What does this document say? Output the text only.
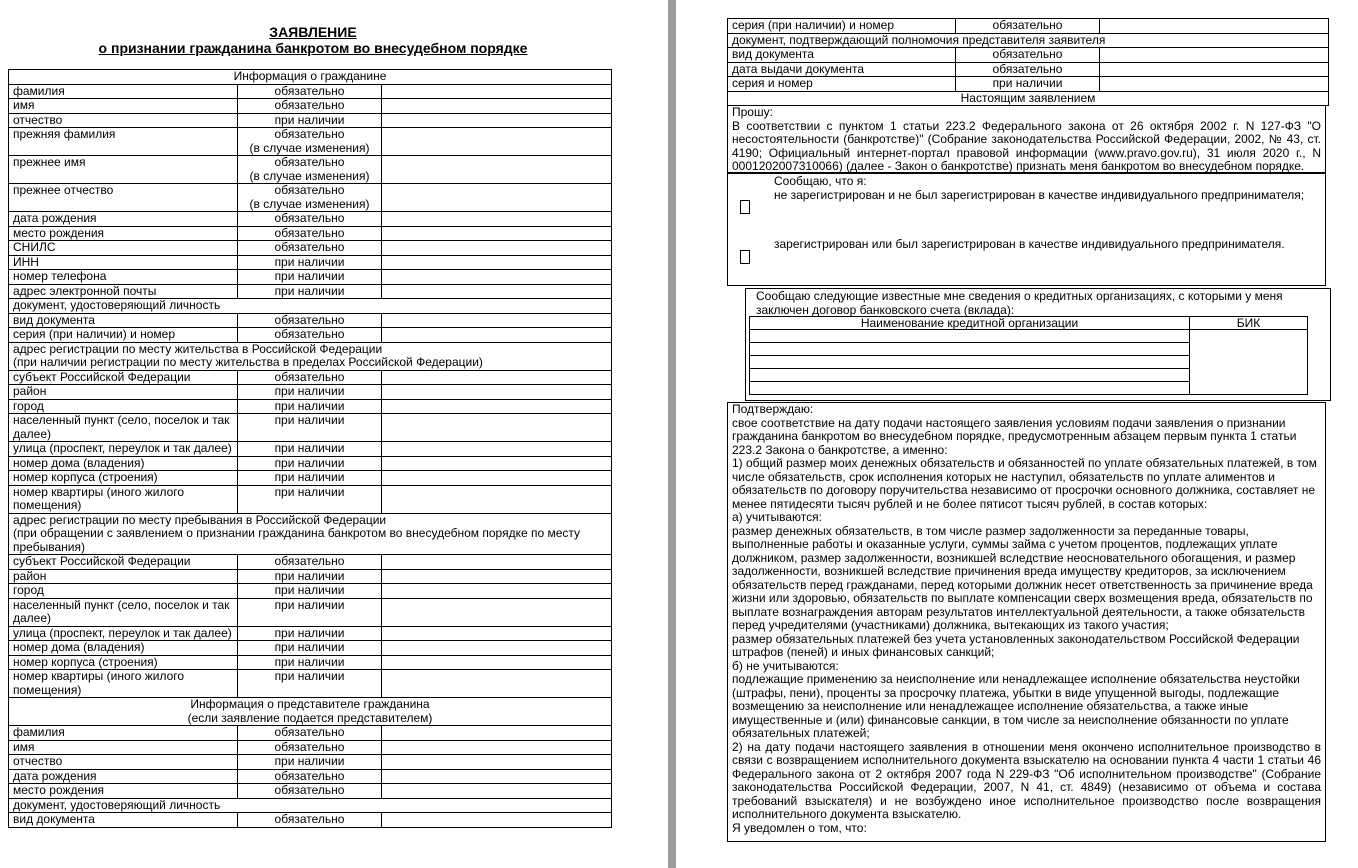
ЗАЯВЛЕНИЕ
о признании гражданина банкротом во внесудебном порядке
Информация о гражданине		
фамилия	обязательно	

имя	обязательно	

отчество	при наличии	

прежняя фамилия	обязательно
(в случае изменения)	

прежнее имя	обязательно
(в случае изменения)	

прежнее отчество	обязательно
(в случае изменения)	

дата рождения	обязательно	

место рождения	обязательно	

СНИЛС	обязательно	

ИНН	при наличии	

номер телефона	при наличии	

адрес электронной почты	при наличии	

документ, удостоверяющий личность		
вид документа	обязательно	

серия (при наличии) и номер	обязательно	

адрес регистрации по месту жительства в Российской Федерации
(при наличии регистрации по месту жительства в пределах Российской Федерации)		

субъект Российской Федерации	обязательно	

район	при наличии	

город	при наличии	

населенный пункт (село, поселок и так далее)	при наличии	

улица (проспект, переулок и так далее)	при наличии	

номер дома (владения)	при наличии	

номер корпуса (строения)	при наличии	

номер квартиры (иного жилого помещения)	при наличии	

адрес регистрации по месту пребывания в Российской Федерации
(при обращении с заявлением о признании гражданина банкротом во внесудебном порядке по месту пребывания)		

субъект Российской Федерации	обязательно	

район	при наличии	

город	при наличии	

населенный пункт (село, поселок и так далее)	при наличии	

улица (проспект, переулок и так далее)	при наличии	

номер дома (владения)	при наличии	

номер корпуса (строения)	при наличии	

номер квартиры (иного жилого помещения)	при наличии	

Информация о представителе гражданина
(если заявление подается представителем)		

фамилия	обязательно	

имя	обязательно	

отчество	при наличии	

дата рождения	обязательно	

место рождения	обязательно	

документ, удостоверяющий личность		
вид документа	обязательно	

серия (при наличии) и номер	обязательно	
документ, подтверждающий полномочия представителя заявителя		
вид документа	обязательно	

дата выдачи документа	обязательно	

серия и номер	при наличии	

Настоящим заявлением		
Прошу:
В соответствии с пунктом 1 статьи 223.2 Федерального закона от 26 октября 2002 г. N 127-ФЗ "О несостоятельности (банкротстве)" (Собрание законодательства Российской Федерации, 2002, № 43, ст. 4190; Официальный интернет-портал правовой информации (www.pravo.gov.ru), 31 июля 2020 г., N 0001202007310066) (далее - Закон о банкротстве) признать меня банкротом во внесудебном порядке.
Сообщаю, что я:
не зарегистрирован и не был зарегистрирован в качестве индивидуального предпринимателя;
зарегистрирован или был зарегистрирован в качестве индивидуального предпринимателя.
Сообщаю следующие известные мне сведения о кредитных организациях, с которыми у меня заключен договор банковского счета (вклада):
Наименование кредитной организации	БИК

Подтверждаю:

свое соответствие на дату подачи настоящего заявления условиям подачи заявления о признании гражданина банкротом во внесудебном порядке, предусмотренным абзацем первым пункта 1 статьи 223.2 Закона о банкротстве, а именно:

1) общий размер моих денежных обязательств и обязанностей по уплате обязательных платежей, в том числе обязательств, срок исполнения которых не наступил, обязательств по уплате алиментов и обязательств по договору поручительства независимо от просрочки основного должника, составляет не менее пятидесяти тысяч рублей и не более пятисот тысяч рублей, в состав которых:

а) учитываются:

размер денежных обязательств, в том числе размер задолженности за переданные товары, выполненные работы и оказанные услуги, суммы займа с учетом процентов, подлежащих уплате должником, размер задолженности, возникшей вследствие неосновательного обогащения, и размер задолженности, возникшей вследствие причинения вреда имуществу кредиторов, за исключением обязательств перед гражданами, перед которыми должник несет ответственность за причинение вреда жизни или здоровью, обязательств по выплате компенсации сверх возмещения вреда, обязательств по выплате вознаграждения авторам результатов интеллектуальной деятельности, а также обязательств перед учредителями (участниками) должника, вытекающих из такого участия;

размер обязательных платежей без учета установленных законодательством Российской Федерации штрафов (пеней) и иных финансовых санкций;

б) не учитываются:

подлежащие применению за неисполнение или ненадлежащее исполнение обязательства неустойки (штрафы, пени), проценты за просрочку платежа, убытки в виде упущенной выгоды, подлежащие возмещению за неисполнение или ненадлежащее исполнение обязательства, а также иные имущественные и (или) финансовые санкции, в том числе за неисполнение обязанности по уплате обязательных платежей;

2) на дату подачи настоящего заявления в отношении меня окончено исполнительное производство в связи с возвращением исполнительного документа взыскателю на основании пункта 4 части 1 статьи 46 Федерального закона от 2 октября 2007 года N 229-ФЗ "Об исполнительном производстве" (Собрание законодательства Российской Федерации, 2007, N 41, ст. 4849) (независимо от объема и состава требований взыскателя) и не возбуждено иное исполнительное производство после возвращения исполнительного документа взыскателю.

Я уведомлен о том, что:
